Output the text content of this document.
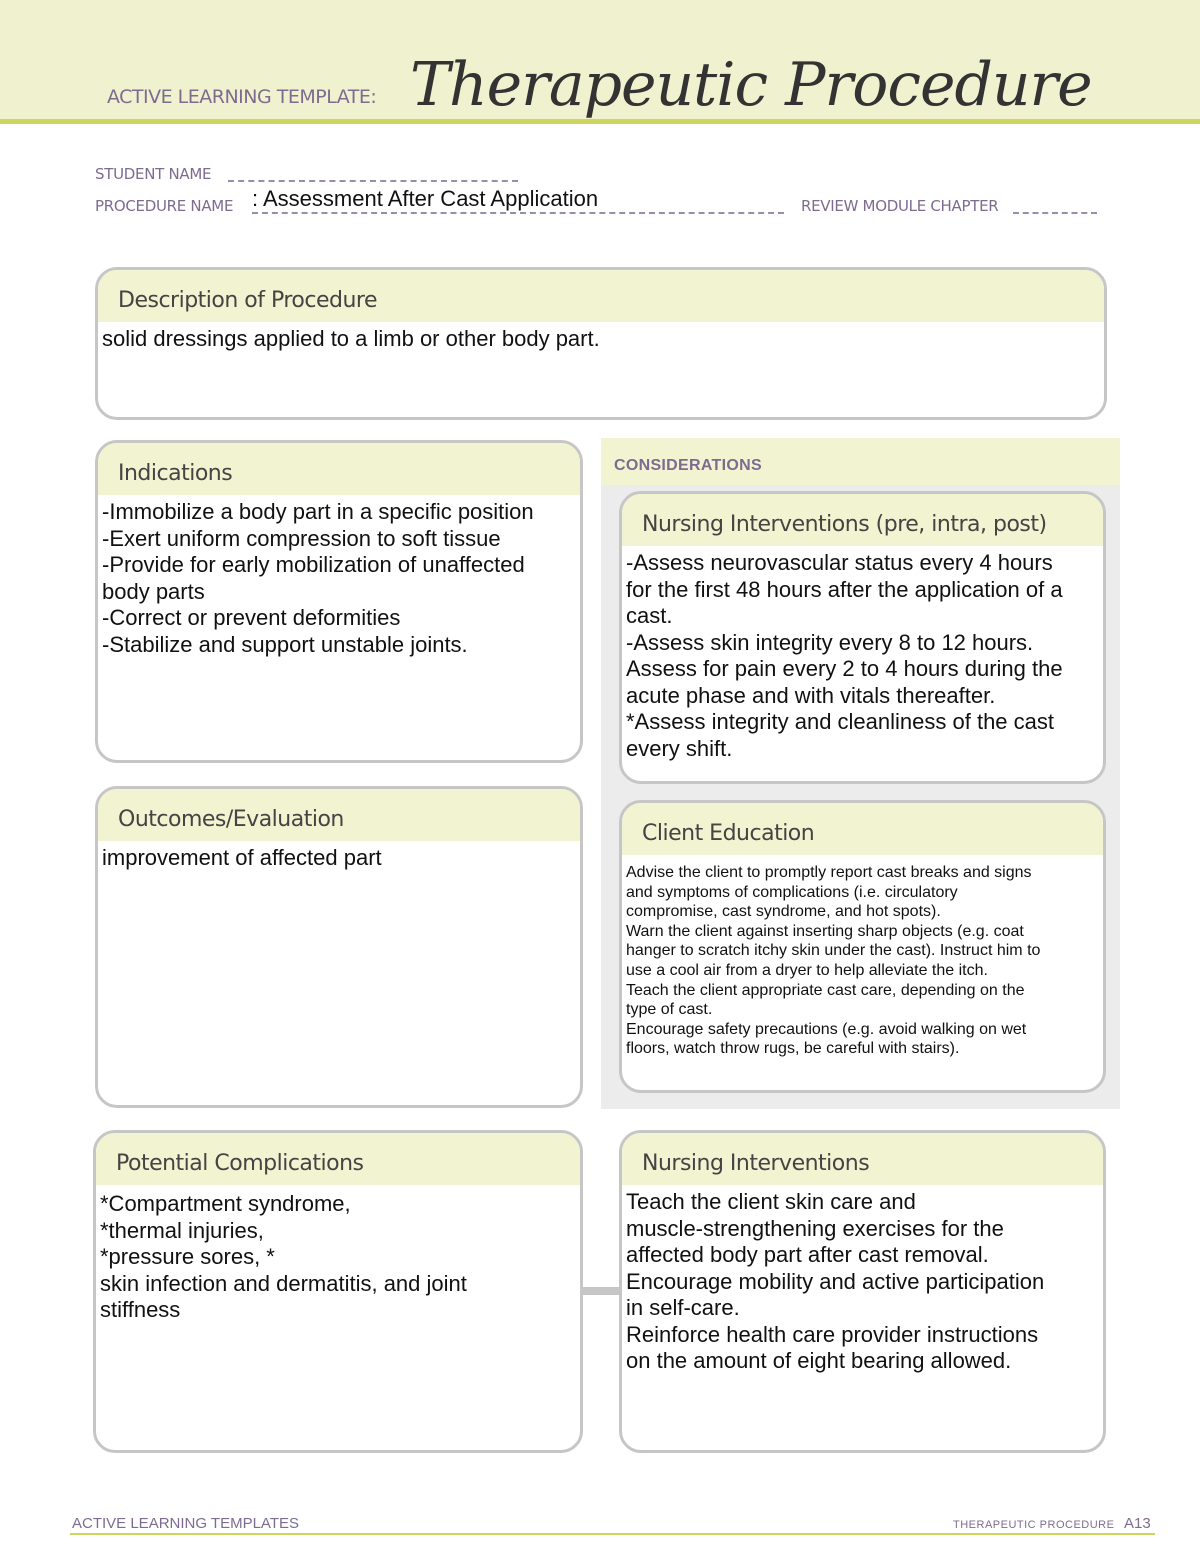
ACTIVE LEARNING TEMPLATE: Therapeutic Procedure
STUDENT NAME
PROCEDURE NAME : Assessment After Cast Application	REVIEW MODULE CHAPTER
Description of Procedure
solid dressings applied to a limb or other body part.
Indications
-Immobilize a body part in a specific position
-Exert uniform compression to soft tissue
-Provide for early mobilization of unaffected
body parts
-Correct or prevent deformities
-Stabilize and support unstable joints.
Outcomes/Evaluation
improvement of affected part
CONSIDERATIONS
Nursing Interventions (pre, intra, post)
-Assess neurovascular status every 4 hours
for the first 48 hours after the application of a
cast.
-Assess skin integrity every 8 to 12 hours.
Assess for pain every 2 to 4 hours during the
acute phase and with vitals thereafter.
*Assess integrity and cleanliness of the cast
every shift.
Client Education
Advise the client to promptly report cast breaks and signs
and symptoms of complications (i.e. circulatory
compromise, cast syndrome, and hot spots).
Warn the client against inserting sharp objects (e.g. coat
hanger to scratch itchy skin under the cast). Instruct him to
use a cool air from a dryer to help alleviate the itch.
Teach the client appropriate cast care, depending on the
type of cast.
Encourage safety precautions (e.g. avoid walking on wet
floors, watch throw rugs, be careful with stairs).
Potential Complications
*Compartment syndrome,
*thermal injuries,
*pressure sores, *
skin infection and dermatitis, and joint
stiffness
Nursing Interventions
Teach the client skin care and
muscle-strengthening exercises for the
affected body part after cast removal.
Encourage mobility and active participation
in self-care.
Reinforce health care provider instructions
on the amount of eight bearing allowed.
ACTIVE LEARNING TEMPLATES	THERAPEUTIC PROCEDURE A13
